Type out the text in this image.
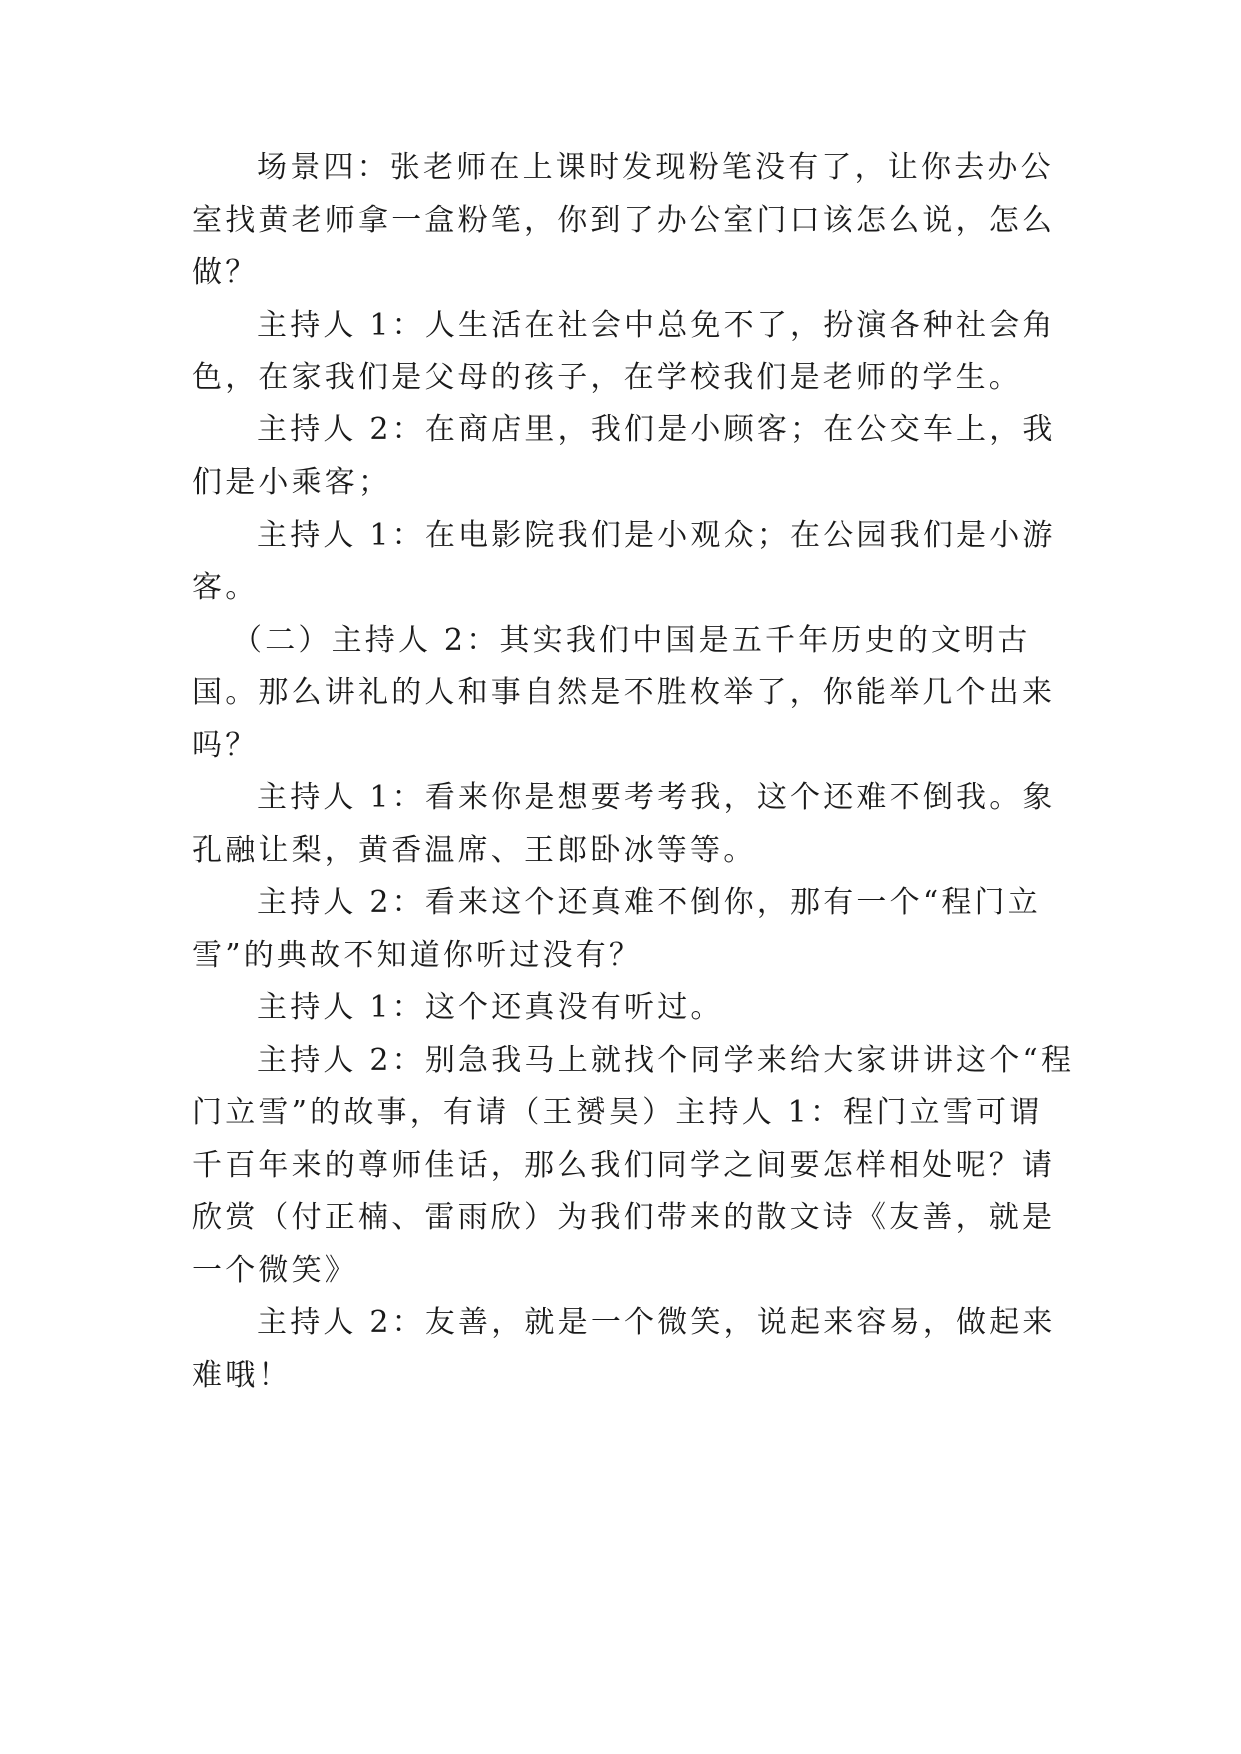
场景四：张老师在上课时发现粉笔没有了，让你去办公
室找黄老师拿一盒粉笔，你到了办公室门口该怎么说，怎么
做？
主持人 1：人生活在社会中总免不了，扮演各种社会角
色，在家我们是父母的孩子，在学校我们是老师的学生。
主持人 2：在商店里，我们是小顾客；在公交车上，我
们是小乘客；
主持人 1：在电影院我们是小观众；在公园我们是小游
客。
（二）主持人 2：其实我们中国是五千年历史的文明古
国。那么讲礼的人和事自然是不胜枚举了，你能举几个出来
吗？
主持人 1：看来你是想要考考我，这个还难不倒我。象
孔融让梨，黄香温席、王郎卧冰等等。
主持人 2：看来这个还真难不倒你，那有一个“程门立
雪”的典故不知道你听过没有？
主持人 1：这个还真没有听过。
主持人 2：别急我马上就找个同学来给大家讲讲这个“程
门立雪”的故事，有请（王赟昊）主持人 1：程门立雪可谓
千百年来的尊师佳话，那么我们同学之间要怎样相处呢？请
欣赏（付正楠、雷雨欣）为我们带来的散文诗《友善，就是
一个微笑》
主持人 2：友善，就是一个微笑，说起来容易，做起来
难哦！
